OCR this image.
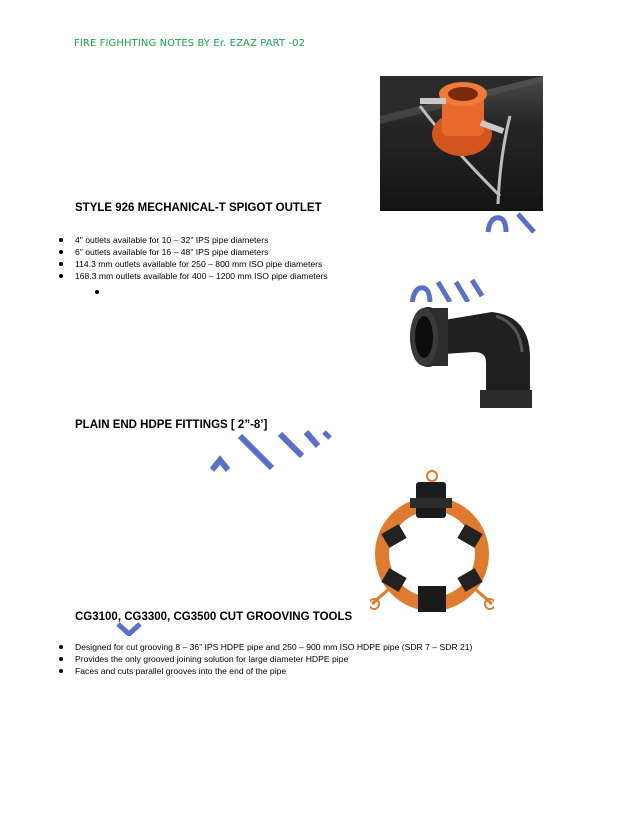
FIRE FIGHHTING NOTES BY Er. EZAZ PART -02
STYLE 926 MECHANICAL-T SPIGOT OUTLET
4" outlets available for 10 – 32" IPS pipe diameters
6" outlets available for 16 – 48" IPS pipe diameters
114.3 mm outlets available for 250 – 800 mm ISO pipe diameters
168.3 mm outlets available for 400 – 1200 mm ISO pipe diameters
PLAIN END HDPE FITTINGS [ 2”-8’]
CG3100, CG3300, CG3500 CUT GROOVING TOOLS
Designed for cut grooving 8 – 36” IPS HDPE pipe and 250 – 900 mm ISO HDPE pipe (SDR 7 – SDR 21)
Provides the only grooved joining solution for large diameter HDPE pipe
Faces and cuts parallel grooves into the end of the pipe
